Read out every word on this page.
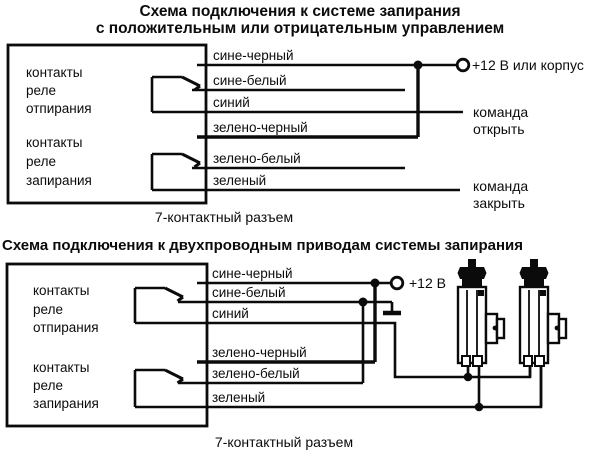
Схема подключения к системе запирания
с положительным или отрицательным управлением
контакты
реле
отпирания
контакты
реле
запирания
сине-черный
сине-белый
синий
зелено-черный
зелено-белый
зеленый
+12 В или корпус
команда
открыть
команда
закрыть
7-контактный разъем
Схема подключения к двухпроводным приводам системы запирания
контакты
реле
отпирания
контакты
реле
запирания
сине-черный
сине-белый
синий
зелено-черный
зелено-белый
зеленый
+12 В
7-контактный разъем
